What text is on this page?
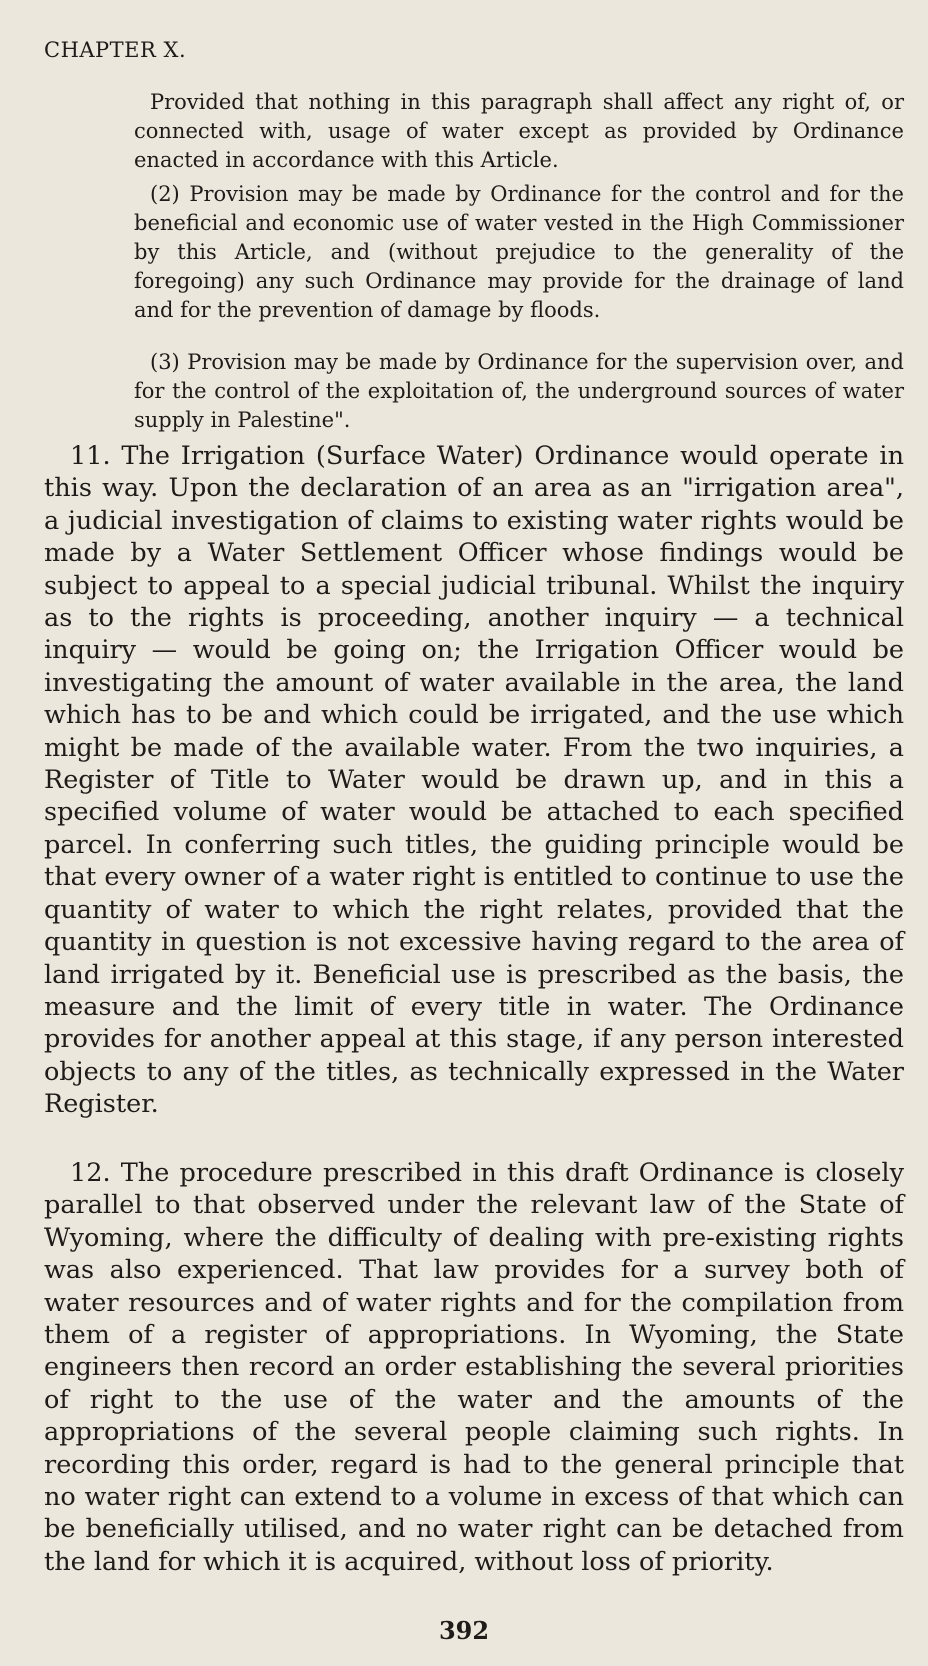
CHAPTER X.

Provided that nothing in this paragraph shall affect any right of, or connected with, usage of water except as provided by Ordinance enacted in accordance with this Article.

(2) Provision may be made by Ordinance for the control and for the beneficial and economic use of water vested in the High Commissioner by this Article, and (without prejudice to the generality of the foregoing) any such Ordinance may provide for the drainage of land and for the prevention of damage by floods.

(3) Provision may be made by Ordinance for the supervision over, and for the control of the exploitation of, the underground sources of water supply in Palestine".

11. The Irrigation (Surface Water) Ordinance would operate in this way. Upon the declaration of an area as an "irrigation area", a judicial investigation of claims to existing water rights would be made by a Water Settlement Officer whose findings would be subject to appeal to a special judicial tribunal. Whilst the inquiry as to the rights is proceeding, another inquiry — a technical inquiry — would be going on; the Irrigation Officer would be investigating the amount of water available in the area, the land which has to be and which could be irrigated, and the use which might be made of the available water. From the two inquiries, a Register of Title to Water would be drawn up, and in this a specified volume of water would be attached to each specified parcel. In conferring such titles, the guiding principle would be that every owner of a water right is entitled to continue to use the quantity of water to which the right relates, provided that the quantity in question is not excessive having regard to the area of land irrigated by it. Beneficial use is prescribed as the basis, the measure and the limit of every title in water. The Ordinance provides for another appeal at this stage, if any person interested objects to any of the titles, as technically expressed in the Water Register.

12. The procedure prescribed in this draft Ordinance is closely parallel to that observed under the relevant law of the State of Wyoming, where the difficulty of dealing with pre-existing rights was also experienced. That law provides for a survey both of water resources and of water rights and for the compilation from them of a register of appropriations. In Wyoming, the State engineers then record an order establishing the several priorities of right to the use of the water and the amounts of the appropriations of the several people claiming such rights. In recording this order, regard is had to the general principle that no water right can extend to a volume in excess of that which can be beneficially utilised, and no water right can be detached from the land for which it is acquired, without loss of priority.

392
